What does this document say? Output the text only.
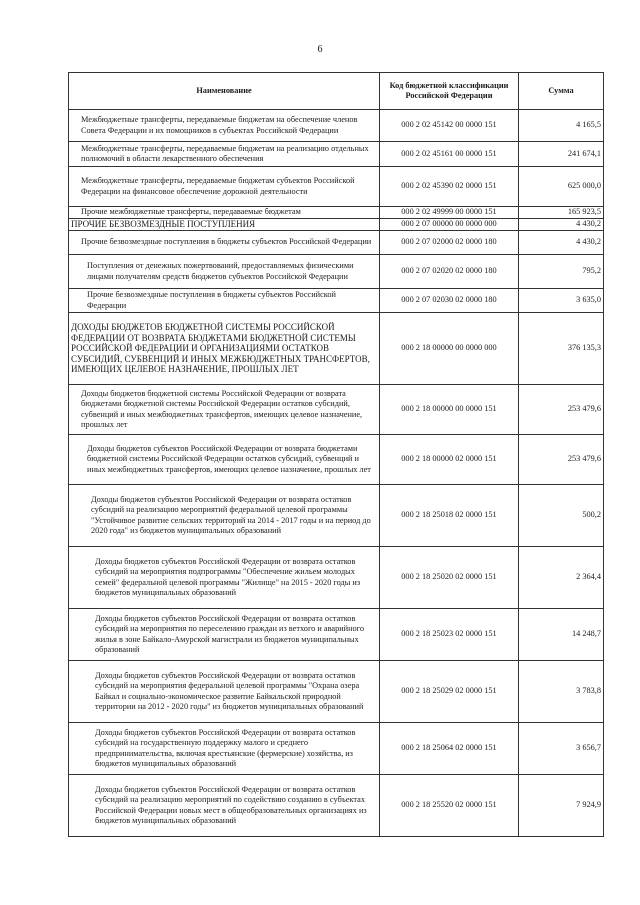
6
Наименование	Код бюджетной классификации Российской Федерации	Сумма
Межбюджетные трансферты, передаваемые бюджетам на обеспечение членов Совета Федерации и их помощников в субъектах Российской Федерации	000 2 02 45142 00 0000 151	4 165,5
Межбюджетные трансферты, передаваемые бюджетам на реализацию отдельных полномочий в области лекарственного обеспечения	000 2 02 45161 00 0000 151	241 674,1
Межбюджетные трансферты, передаваемые бюджетам субъектов Российской Федерации на финансовое обеспечение дорожной деятельности	000 2 02 45390 02 0000 151	625 000,0
Прочие межбюджетные трансферты, передаваемые бюджетам	000 2 02 49999 00 0000 151	165 923,5
ПРОЧИЕ БЕЗВОЗМЕЗДНЫЕ ПОСТУПЛЕНИЯ	000 2 07 00000 00 0000 000	4 430,2
Прочие безвозмездные поступления в бюджеты субъектов Российской Федерации	000 2 07 02000 02 0000 180	4 430,2
Поступления от денежных пожертвований, предоставляемых физическими лицами получателям средств бюджетов субъектов Российской Федерации	000 2 07 02020 02 0000 180	795,2
Прочие безвозмездные поступления в бюджеты субъектов Российской Федерации	000 2 07 02030 02 0000 180	3 635,0
ДОХОДЫ БЮДЖЕТОВ БЮДЖЕТНОЙ СИСТЕМЫ РОССИЙСКОЙ ФЕДЕРАЦИИ ОТ ВОЗВРАТА БЮДЖЕТАМИ БЮДЖЕТНОЙ СИСТЕМЫ РОССИЙСКОЙ ФЕДЕРАЦИИ И ОРГАНИЗАЦИЯМИ ОСТАТКОВ СУБСИДИЙ, СУБВЕНЦИЙ И ИНЫХ МЕЖБЮДЖЕТНЫХ ТРАНСФЕРТОВ, ИМЕЮЩИХ ЦЕЛЕВОЕ НАЗНАЧЕНИЕ, ПРОШЛЫХ ЛЕТ	000 2 18 00000 00 0000 000	376 135,3
Доходы бюджетов бюджетной системы Российской Федерации от возврата бюджетами бюджетной системы Российской Федерации остатков субсидий, субвенций и иных межбюджетных трансфертов, имеющих целевое назначение, прошлых лет	000 2 18 00000 00 0000 151	253 479,6
Доходы бюджетов субъектов Российской Федерации от возврата бюджетами бюджетной системы Российской Федерации остатков субсидий, субвенций и иных межбюджетных трансфертов, имеющих целевое назначение, прошлых лет	000 2 18 00000 02 0000 151	253 479,6
Доходы бюджетов субъектов Российской Федерации от возврата остатков субсидий на реализацию мероприятий федеральной целевой программы "Устойчивое развитие сельских территорий на 2014 - 2017 годы и на период до 2020 года" из бюджетов муниципальных образований	000 2 18 25018 02 0000 151	500,2
Доходы бюджетов субъектов Российской Федерации от возврата остатков субсидий на мероприятия подпрограммы "Обеспечение жильем молодых семей" федеральной целевой программы "Жилище" на 2015 - 2020 годы из бюджетов муниципальных образований	000 2 18 25020 02 0000 151	2 364,4
Доходы бюджетов субъектов Российской Федерации от возврата остатков субсидий на мероприятия по переселению граждан из ветхого и аварийного жилья в зоне Байкало-Амурской магистрали из бюджетов муниципальных образований	000 2 18 25023 02 0000 151	14 248,7
Доходы бюджетов субъектов Российской Федерации от возврата остатков субсидий на мероприятия федеральной целевой программы "Охрана озера Байкал и социально-экономическое развитие Байкальской природной территории на 2012 - 2020 годы" из бюджетов муниципальных образований	000 2 18 25029 02 0000 151	3 783,8
Доходы бюджетов субъектов Российской Федерации от возврата остатков субсидий на государственную поддержку малого и среднего предпринимательства, включая крестьянские (фермерские) хозяйства, из бюджетов муниципальных образований	000 2 18 25064 02 0000 151	3 656,7
Доходы бюджетов субъектов Российской Федерации от возврата остатков субсидий на реализацию мероприятий по содействию созданию в субъектах Российской Федерации новых мест в общеобразовательных организациях из бюджетов муниципальных образований	000 2 18 25520 02 0000 151	7 924,9
